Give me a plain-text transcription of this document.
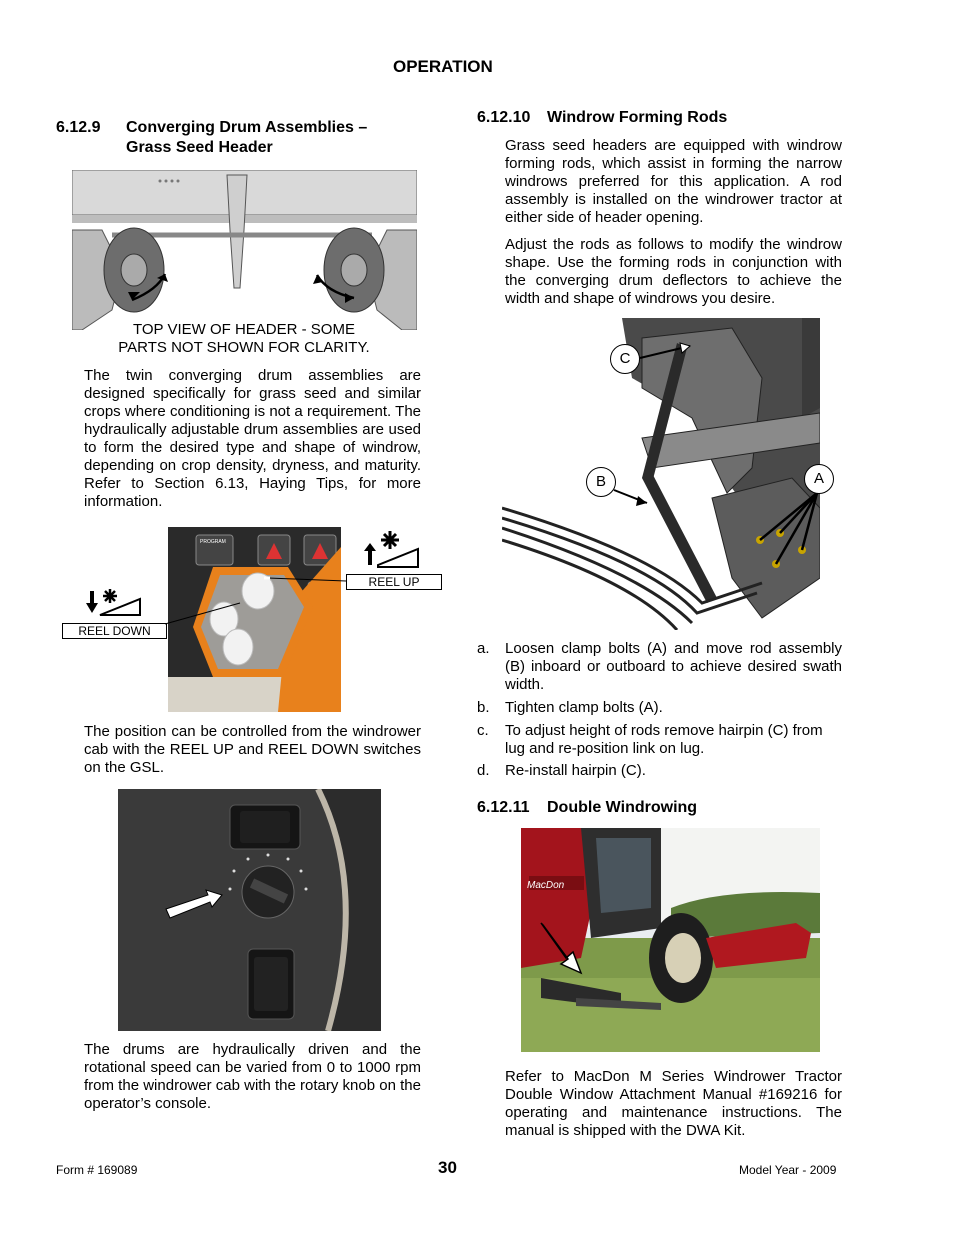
OPERATION
6.12.9 Converging Drum Assemblies –
Grass Seed Header
TOP VIEW OF HEADER - SOME
PARTS NOT SHOWN FOR CLARITY.
The twin converging drum assemblies are designed specifically for grass seed and similar crops where conditioning is not a requirement. The hydraulically adjustable drum assemblies are used to form the desired type and shape of windrow, depending on crop density, dryness, and maturity. Refer to Section 6.13, Haying Tips, for more information.
PROGRAM
REEL UP
REEL DOWN
The position can be controlled from the windrower cab with the REEL UP and REEL DOWN switches on the GSL.
The drums are hydraulically driven and the rotational speed can be varied from 0 to 1000 rpm from the windrower cab with the rotary knob on the operator’s console.
6.12.10 Windrow Forming Rods
Grass seed headers are equipped with windrow forming rods, which assist in forming the narrow windrows preferred for this application. A rod assembly is installed on the windrower tractor at either side of header opening.
Adjust the rods as follows to modify the windrow shape. Use the forming rods in conjunction with the converging drum deflectors to achieve the width and shape of windrows you desire.
C
B	A
a. Loosen clamp bolts (A) and move rod assembly (B) inboard or outboard to achieve desired swath width.
b. Tighten clamp bolts (A).
c. To adjust height of rods remove hairpin (C) from lug and re-position link on lug.
d. Re-install hairpin (C).
6.12.11 Double Windrowing
MacDon
Refer to MacDon M Series Windrower Tractor Double Window Attachment Manual #169216 for operating and maintenance instructions. The manual is shipped with the DWA Kit.
Form # 169089	30	Model Year - 2009
